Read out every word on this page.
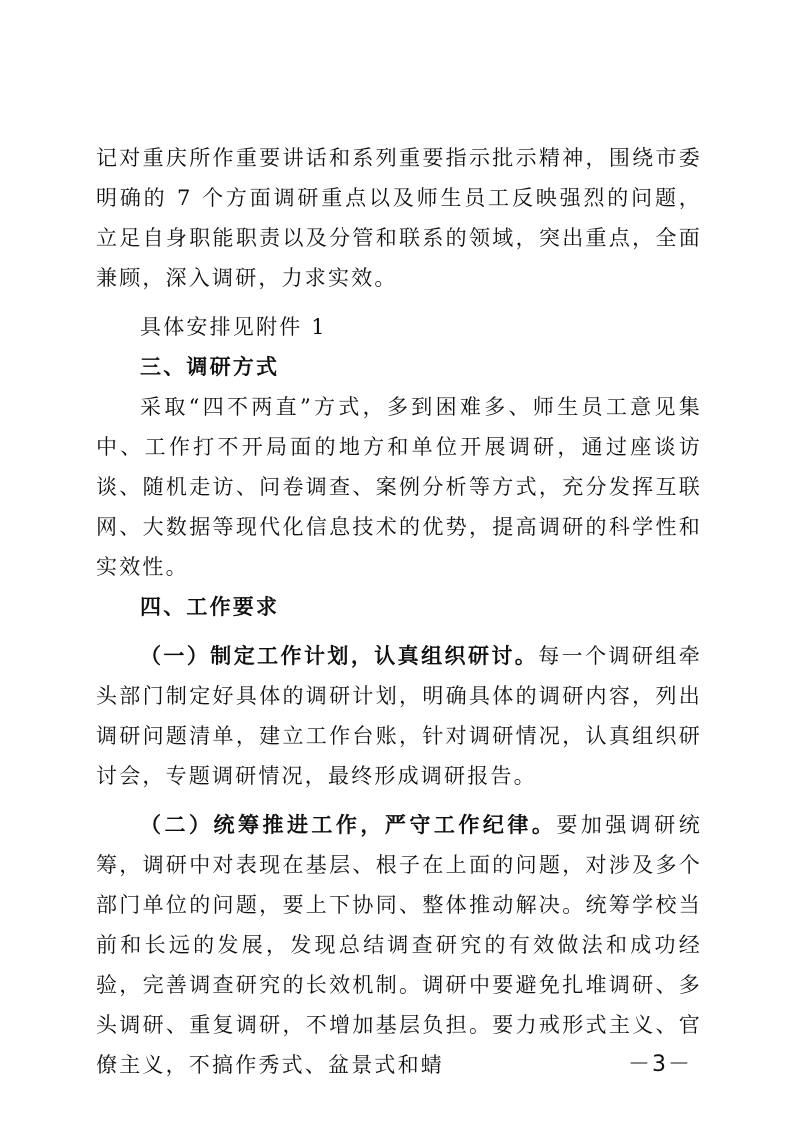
记对重庆所作重要讲话和系列重要指示批示精神，围绕市委明确的 7 个方面调研重点以及师生员工反映强烈的问题，立足自身职能职责以及分管和联系的领域，突出重点，全面兼顾，深入调研，力求实效。

具体安排见附件 1

三、调研方式

采取“四不两直”方式，多到困难多、师生员工意见集中、工作打不开局面的地方和单位开展调研，通过座谈访谈、随机走访、问卷调查、案例分析等方式，充分发挥互联网、大数据等现代化信息技术的优势，提高调研的科学性和实效性。

四、工作要求

（一）制定工作计划，认真组织研讨。每一个调研组牵头部门制定好具体的调研计划，明确具体的调研内容，列出调研问题清单，建立工作台账，针对调研情况，认真组织研讨会，专题调研情况，最终形成调研报告。

（二）统筹推进工作，严守工作纪律。要加强调研统筹，调研中对表现在基层、根子在上面的问题，对涉及多个部门单位的问题，要上下协同、整体推动解决。统筹学校当前和长远的发展，发现总结调查研究的有效做法和成功经验，完善调查研究的长效机制。调研中要避免扎堆调研、多头调研、重复调研，不增加基层负担。要力戒形式主义、官僚主义，不搞作秀式、盆景式和蜻	－3－
